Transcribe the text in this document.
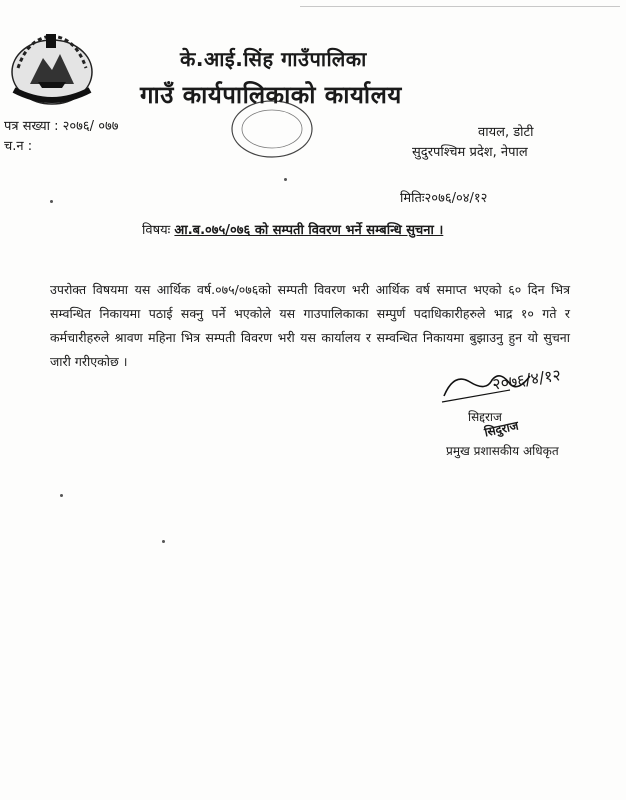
के.आई.सिंह गाउँपालिका
गाउँ कार्यपालिकाको कार्यालय
पत्र सख्या : २०७६/ ०७७
च.न :
वायल, डोटी
सुदुरपश्चिम प्रदेश, नेपाल
मितिः२०७६/०४/१२
विषयः आ.ब.०७५/०७६ को सम्पती विवरण भर्ने सम्बन्धि सुचना ।
उपरोक्त विषयमा यस आर्थिक वर्ष.०७५/०७६को सम्पती विवरण भरी आर्थिक वर्ष समाप्त भएको ६० दिन भित्र सम्वन्धित निकायमा पठाई सक्नु पर्ने भएकोले यस गाउपालिकाका सम्पुर्ण पदाधिकारीहरुले भाद्र १० गते र कर्मचारीहरुले श्रावण महिना भित्र सम्पती विवरण भरी यस कार्यालय र सम्वन्धित निकायमा बुझाउनु हुन यो सुचना जारी गरीएकोछ ।
२०७६/४/१२
सिद्दराज
सिदुराज
प्रमुख प्रशासकीय अधिकृत
